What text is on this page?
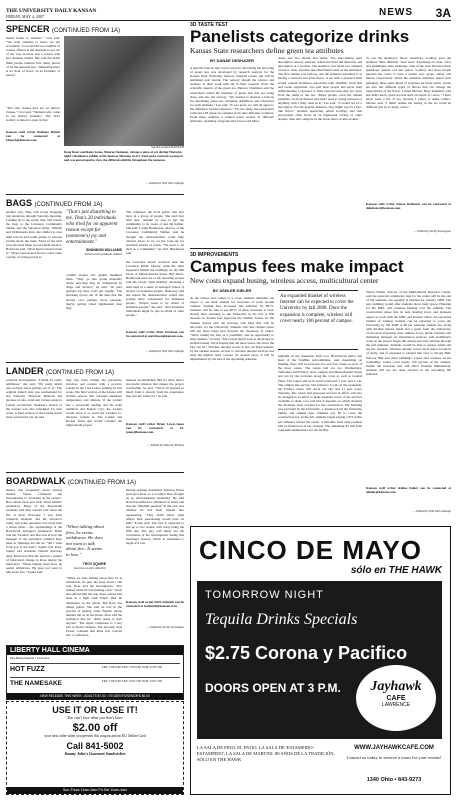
THE UNIVERSITY DAILY KANSAN
FRIDAY, MAY 4, 2007	NEWS 3A
SPENCER (CONTINUED FROM 1A)
mixed frame to students," Coal said. "We want students to know we are accessible." Coal said the low number of classes offered in the museum is not out of the way location was a reason why few students visited. She said the didn't think people realized how many pieces of art the museum has. "Intimating there is no 'hour of flows' on its facilities' of pieces."
"The only classes here are art history classes," Coal said. "Students who come in are history students." The 2621 Gallery is slated to open in July.
Kansan staff writer Bethany Bunch can be contacted at bbunch@kansan.com.
Sarah Leonard/KANSAN
Doug Kiser and Raley Jones, Monroe freshmen, vintage a piece of art during Thursday night's Reminisce exhibit at the Spencer Museum of Art. Each guest received a passport and was encouraged to view the different exhibits throughout the museum.
— Edited by Will McCullough
BAGS (CONTINUED FROM 1A)
another way. They will accept shopping bag donations through Saturday morning. Leading up to the event, they will donate the bags to the Lawrence Community Shelter and the Salvation Army. William and Wollenstein have also shifted to area high schools and youth groups to educate youths about the issue. Most of the kids were shocked when we told them about it, Hollowan said. "Most had not heard about it." Strope said several factors could cause a group of young people to
"That's just disturbing to me. That's 20 individuals who tried for no apparent reason except for (someone's) joy and entertainment."
SHANNON WILLIAMS
Social work graduate student
commit violent acts against members there. "They go into group mentality mode, and they may be "influenced by drugs and alcohol," he said. "Or peer perhaps say they won't get caught." The shocking grows out of the idea that the attacks over perhaps more pleasant, they're getting rolled lightheaded than they.
The ordinance the local police will also have in a group of people. She said they have that. 'dammit be sure to get' the community to be aware of and dig further. She said: Loring Henderson, director of the Lawrence Community Shelter, said he thought the demonstration could help citizens know to be on the look-out for potential attacks of youth. "We need to be alert as a community," he said. Henderson said
the Lawrence attack occurred near the Lawrence Public Library, while the other happened behind the buildings on the 900 block of Massachusetts Street. Bill Muck, Henderson said one of the attacking groups said the words "bum bashing" attacking a term used in a sense of teenaged videos of attacks on homeless people. Holloway said she hoped the demonstration would also prompt more compassion for homeless people. "People seem to be afraid of homeless people," she said. "And homeless individuals might be just as afraid of other people."
Kansan staff writer Matt Erickson can be contacted at merickson@kansan.com.
— Edited by Will McCullough
LANDER (CONTINUED FROM 1A)
software development. "I think it's really ambitious," she said. "I'm pretty much just worried about getting out of it." The original launch date was rescheduled for last Saturday. However, Bjarnali and because of rain, wind and various snags in Lander production; Saturday's launch of the Lander was also scheduled for next week. A final version of the Lander hasn't been constructed yet, he said.
may has been testing the parachute, structure and rockets with a practice Lander in the Lied Center parking lot this week. The final version of the Lander will include sensors that calculate elements: temperature and altitude. If the Lander has a successful landing and the team members and Kansas City, the Lander would allow it to reach the Lander's to-the-hour rockets at. The Lander and Rocket Team and would consider the night-month project
mission accomplished. But it's more than a successful mission that makes the project worthwhile, he said. "We've all learned so much from it already from the experience that was the whole lot." he said.
Kansan staff writer Brian Lewis-Jones can be contacted at bl-jones@kansan.com.
— Edited by Dawson McKay
BOARDWALK (CONTINUED FROM 1A)
silence that frequently faced several tenants. Squire compared the investigation to "tweezing on the circles." How much back and forth about tenants' residences. Many of the Boardwalk residents said they weren't told about the fire at most 'Start-ups' I was from complete disrepair and the elevator's sanity and some questions was more than a dozen times - the overhaulings of the Boardwalk manager's residences. Brian told the 'Leveled' and that was in how the manager of the apartment complex have been so 'Manager are tell us.' "All I want from you is the truth," Squire told Rose. Squire told Assistant District Attorney Amy McGowan that she noticed a pattern of behavioral change in Rose during the interviews. "When talking about fires, he seems withdrawn. He does not want to talk about fire," Squire said.
"When talking about fires, he seems withdrawn. He does not want to talk about fire...It seems to lose."
TROY SQUIRE
Lawrence police detective
"When we start talking about fires he is withdrawn, he puts his head down," she told. Rose told the investigators: "Not trained while he was making a fire." Kraft and offered him his side. Rose said he had been in a fight with 'Steph' after he demanded on the phone. But Rose has talked police. She said he was in the process of pasting some 'Naples' phone number but as on his phone. Rose told the invitation that he "didn't mean to hurt anyone." The taped confession is a key part in Rose's defense. The attorney, Ron Evans, contends that Rose was coerced into a confession
During opening statements Tuesday, Evans portrayed Rose as a troubled man brought up in environmental instability. He said Rose had suffered a childhood of abuse and that the "$64,000 question" in the case was whether he had been trained into questioning. "They didn't know what effects their questioning would have on him," Evans said. The trial is expected to last up to two weeks, with today being the fifth day. The jury will likely see the conclusion of the investigation during this morning's session, which is scheduled to begin at 9 a.m.
Kansan staff writer Kirk Schmidt can be contacted at kschmidt@kansan.com.
— Edited by Kelly Lovingson
LIBERTY HALL CINEMA
644 Massachusetts • Lawrence
HOT FUZZ	FRI: 7:00 9:40 SAT: 7:00 9:40 SUN: 4:30 7:00
THE NAMESAKE	FRI: 7:00 9:30 SAT: 2:00 7:00 SUN: 2:00 7:00
NEW RELEASE THIS WEEK • ADULTS $7.00 • STUDENTS/SENIORS $6.00
USE IT OR LOSE IT!
You can't lose what you don't have
$2.00 off
your next order when you present this coupon and an KU Online Card
Call 841-5002
Jimmy John's Gourmet Sandwiches
Sun-Thurs 11am-3am Fri-Sat 11am-4am
3D TASTE TEST
Panelists categorize drinks
Kansas State researchers define green tea attributes
BY DANAE DESHAZER
A specific lexicon that can be used for describing the flavoring of green teas was developed by research analysts for the Kansas State University Sensory Analysis Center and will be published next month. The sensory should the science and analysis of their work with the K-State research about the scientific aspects of the green tea. Delores Chambers said the researchers tested the intensity of green teas that are being done, and also the sensory. "We wanted to develop a lexicon for describing green tea, including definitions and references for each attribute," Lee said. "It was great, we will all agree to the definition and the reference." For the study, the researchers collected 138 green tea samples from nine different countries. From these samples, a trained panel created 31 different attributes, including categories like brown and bitter.
tastes and two mouth feel terms. The taste-testing used descriptive sensory analysis, which involved the detection and description of a product. The audience was given two samples of teas to taste, and then described them based on the attributes. The first sample was soft-toe, and the audience described it as having a seaweed and grass flavor. A tea with a seaweed label would contain aromatics associated with shellfish, fresh fish and ocean vegetation. Lee said most people had never tried differentiating a seaweed or fishy taste because they are away from the smell of the sea. "Many people, even the trained panelists, are from Kansas and aren't used to eating seaweed or anything with a fishy taste in it," Lee said. "It would not be a descriptive. For the general audience, they might say it's a hay-like flavor." Another researcher, Alicia Godfrey, said that perceptions often focus on an unpleasant variety of other aromas, their new analysis on the fewer more-or-less aromas.
To test the audience's flavor sensitivity, Godfrey gave the audience three different "taste tests" depending on taste, color and gumminess taste challenge. One of the tests involved three gumdrops: purple, red and yellow. Godfrey and most people guessed the colors to taste a certain way: grape, cherry and lemon, respectively. When the audience members tasted each gumdrop, these same kinds of surprises set those tastes. Green tea also has different types of flavors that can change the expectations of the flavor. Lauren McGee, Hays freshman, said she didn't know green tea had such an extent of colors. "I have never been a fan of tea, because I prefer to drink coffee," McGee said. "I didn't realize the tasting of the tea could be different just by so many colors."
Kansan staff writer Danae DeShazer can be contacted at ddeshazer@kansan.com.
— Edited by Kelly Lovingson
3D IMPROVEMENTS
Campus fees make impact
New costs expand busing, wireless access, multicultural center
BY ASHLEE KIELER
At the school year comes to a close, students returning can expect to see their student fee increases at work around campus. Student fees increased this semester by $8.75. Students will be able to see $8.75 of those increases at work shortly after returning to the University in the fall. A $30 increase in student fees approved the Student Senate for the Student Senate said the increase will fund $19 will be allocated, for the University. Students who use campus buses will see more buses that increase the frequency of routes. "We're raising the fees as a possibility and an opportunity to help students," he said. "The reason they'll look at the money in student busing. We're hoping that the more buses, the lower the fare can be." Wireless internet access is also an improvement, by the student senator. Access to wireless internet services has been the highest rated concern for several years. It will be implemented by the end of the upcoming semester.
An expanded blanket of wireless Internet can be expected to cover the University by fall 2008. Once the expansion is complete, wireless will cover nearly 100 percent of campus.
nightlife on the weekends. Tom Cox, Haverstrom junior and head of the SafeBus subcommittee, said, depending on funding, there will be between two and four buses on each of the three routes. The routes laid out two Wednesdays, Thursdays and Fridays, leave campus and Massachusetts Street and run by the locations along the route as well as Central Plaza. The routes will be in service between 5 p.m. and 3 a.m. The campus bus service will extend to 3 a.m. on the weekends. On Fridays, buses will circle the city and 11 p.m. every Saturday. The routes and proposed services in effect will also be changed in an effort to make students aware of the services available to them. Cox said that it depends on which students the decisions were reached for the construction. The building was provided by the University, a donation from the Sabbatino family, and student fees. Students pay $2 to cover the construction fee. In the fall, students began paying a $75 dollar per semester toward the center. A full-time front desk position will be funded out of the revenue. The remaining $3 will fund long-term maintenance for the facility.
Santos Nistan, director of the Multicultural Resource Center, said the expected completion date for the center will be the end of fall semester. An opening is planned for January 2008. The new building would offer students more study space. Planning for the MRC will continue funding over the summer. The construction phase hits its next funding level, and planners expect to work with the MRC and Kansas Union. An expanded blanket of wireless internet can be expected to cover the University by fall 2008. A $6 per semester student fee, along with Student Senate funds and a grant from the University, covers most expansion costs. Allison Lowe, public relations and marketing manager for information services, said preliminary work on the project began this spring and will continue through the fall semester. Students would be able to phone, email and use the wireless. Wireless already covers most major locations of study, and is expected to expand this year to Strong Hall, Wescoe Hall and other buildings. Lopez said wireless access availability would cover nearly 100 percent of the campus. Unlike the increases that will affect students immediately, students will see the other services in the upcoming fall semester.
Kansan staff writer Ashlee Kieler can be contacted at akieler@kansan.com.
— Edited by Will McCullough
CINCO DE MAYO
sólo en THE HAWK
TOMORROW NIGHT
Tequila Drinks Specials
$2.75 Corona y Pacifico
DOORS OPEN AT 3 P.M.	Jayhawk
CAFE
LAWRENCE
LA SALA DE PINO, EL PATIO, LA SALA DE 'ESTAMPIDO-ESTAMPIDO', LA SALA DE MARTINI. 88 AÑOS DE LA TRADICIÓN, SÓLO EN THE HAWK
WWW.JAYHAWKCAFE.COM
Contact us today to reserve a room for your events!
1340 Ohio • 843-9273
